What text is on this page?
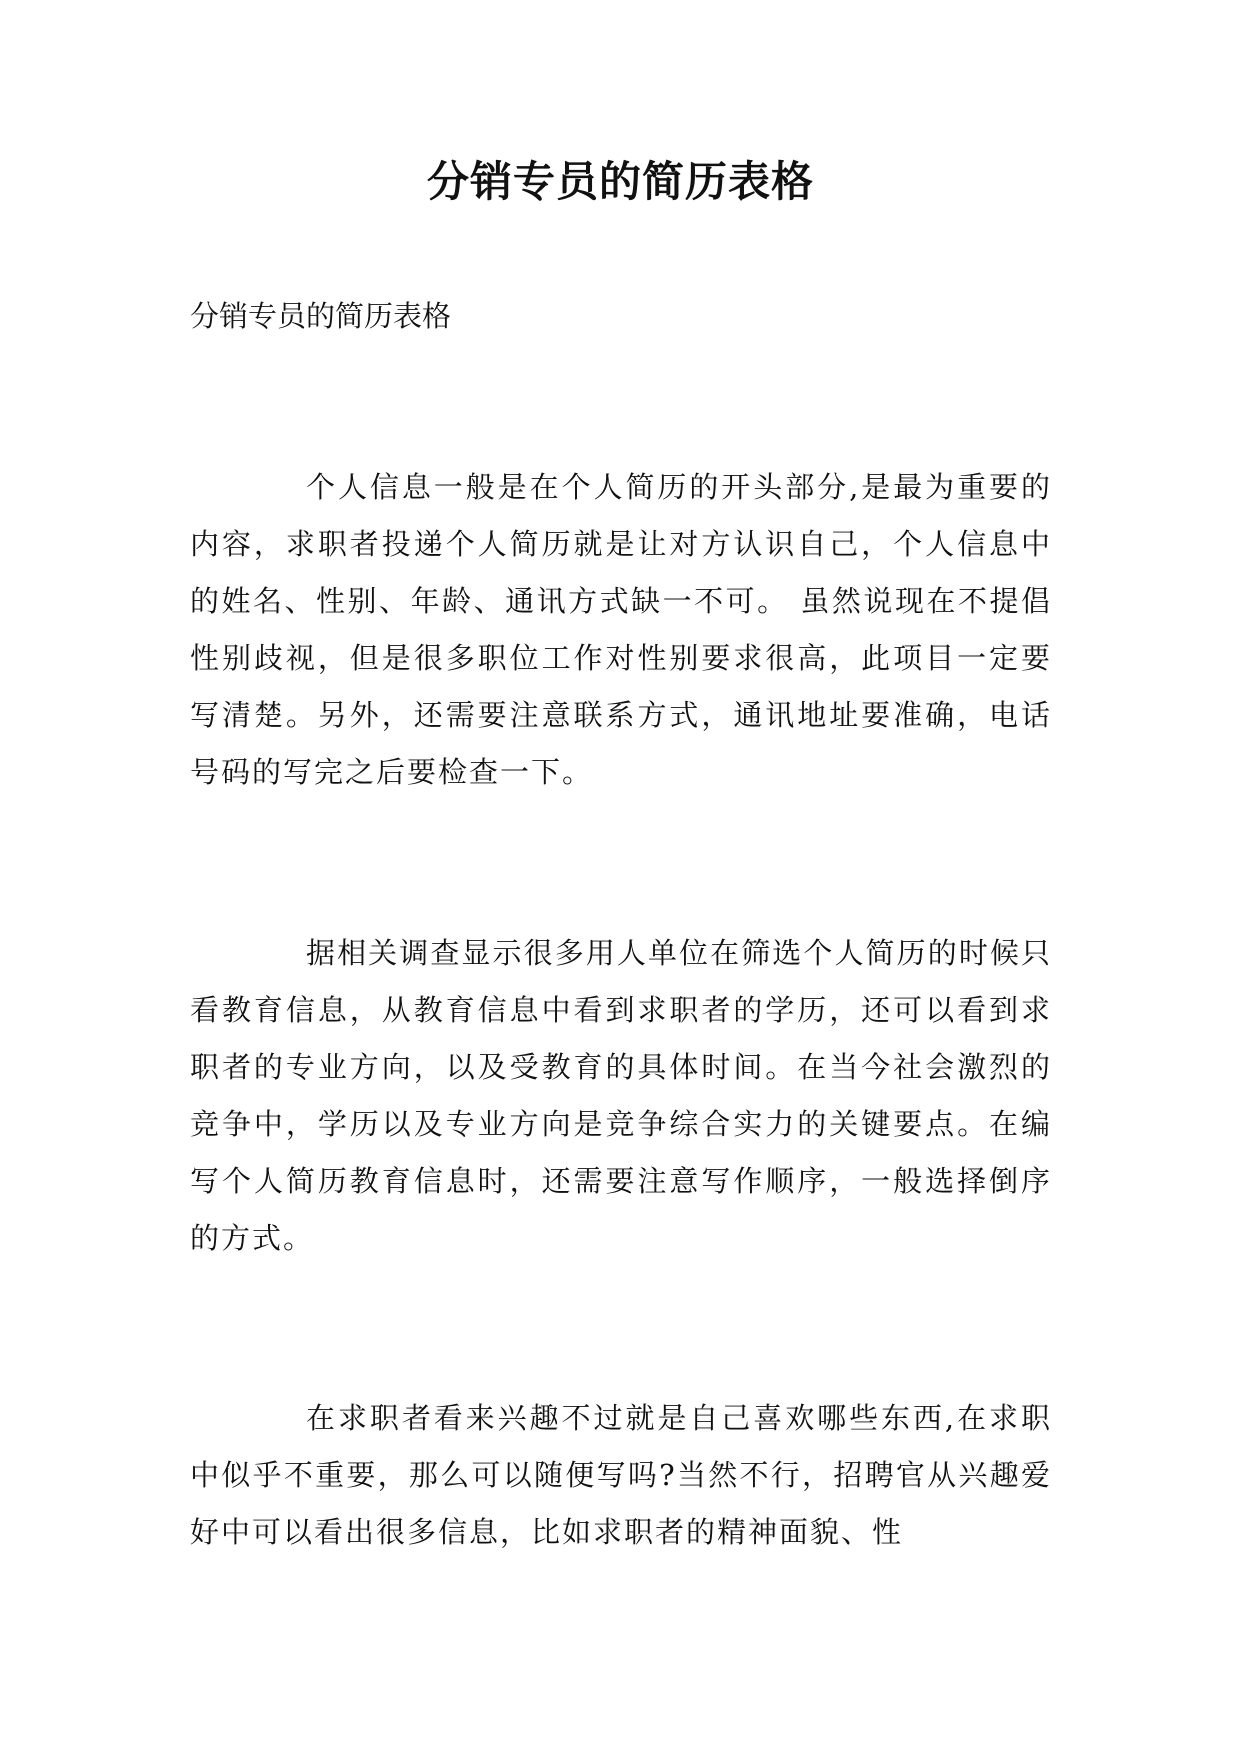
分销专员的简历表格
分销专员的简历表格

个人信息一般是在个人简历的开头部分,是最为重要的内容，求职者投递个人简历就是让对方认识自己，个人信息中的姓名、性别、年龄、通讯方式缺一不可。 虽然说现在不提倡性别歧视，但是很多职位工作对性别要求很高，此项目一定要写清楚。另外，还需要注意联系方式，通讯地址要准确，电话号码的写完之后要检查一下。

据相关调查显示很多用人单位在筛选个人简历的时候只看教育信息，从教育信息中看到求职者的学历，还可以看到求职者的专业方向，以及受教育的具体时间。在当今社会激烈的竞争中，学历以及专业方向是竞争综合实力的关键要点。在编写个人简历教育信息时，还需要注意写作顺序，一般选择倒序的方式。

在求职者看来兴趣不过就是自己喜欢哪些东西,在求职中似乎不重要，那么可以随便写吗?当然不行，招聘官从兴趣爱好中可以看出很多信息，比如求职者的精神面貌、性
